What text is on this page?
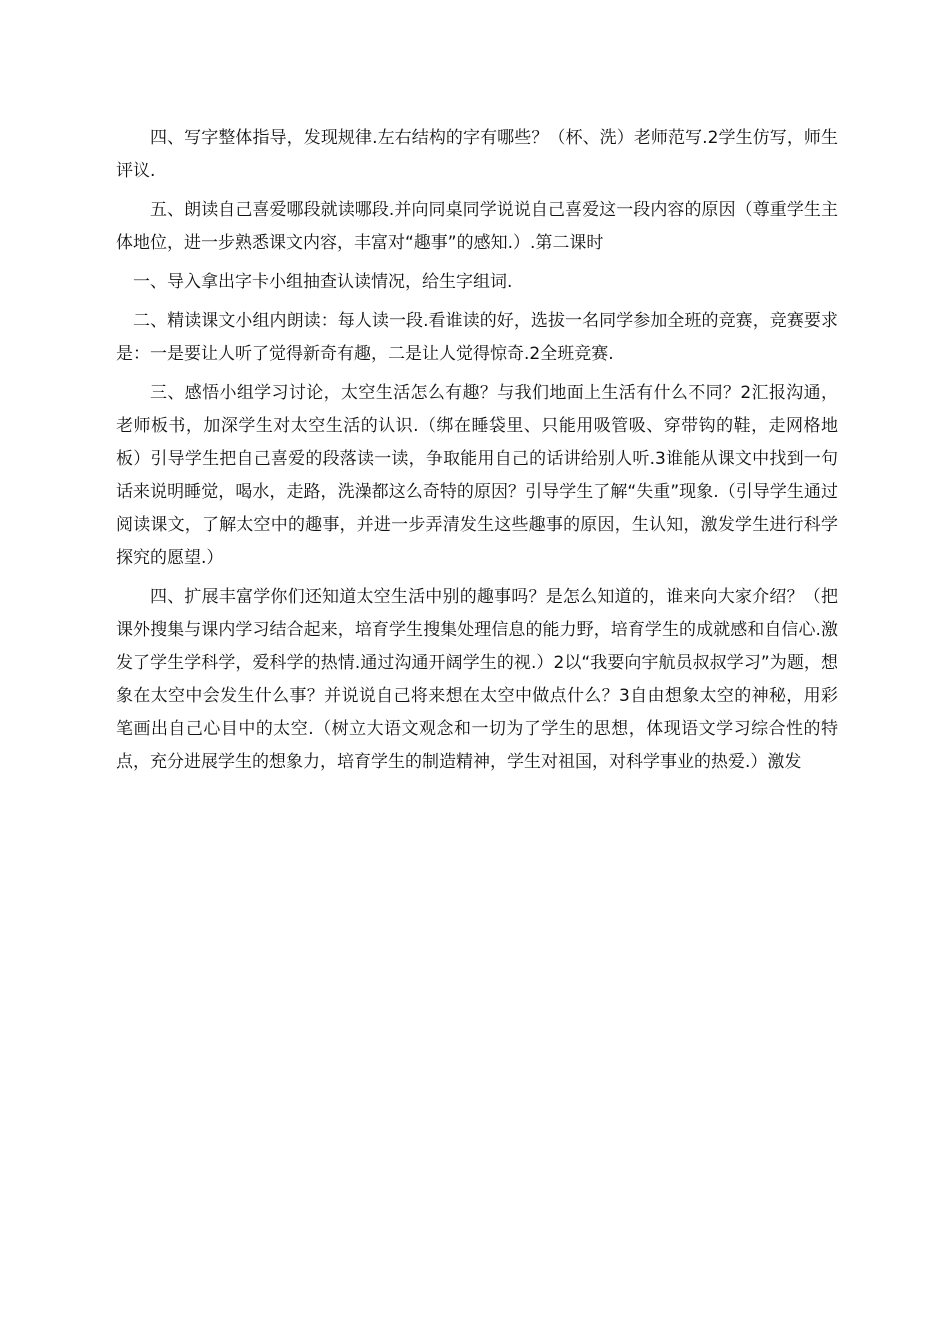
四、写字整体指导，发现规律.左右结构的字有哪些？（杯、洗）老师范写.2学生仿写，师生评议.

五、朗读自己喜爱哪段就读哪段.并向同桌同学说说自己喜爱这一段内容的原因（尊重学生主体地位，进一步熟悉课文内容，丰富对“趣事”的感知.）.第二课时

一、导入拿出字卡小组抽查认读情况，给生字组词.

二、精读课文小组内朗读：每人读一段.看谁读的好，选拔一名同学参加全班的竞赛，竞赛要求是：一是要让人听了觉得新奇有趣，二是让人觉得惊奇.2全班竞赛.

三、感悟小组学习讨论，太空生活怎么有趣？与我们地面上生活有什么不同？2汇报沟通，老师板书，加深学生对太空生活的认识.（绑在睡袋里、只能用吸管吸、穿带钩的鞋，走网格地板）引导学生把自己喜爱的段落读一读，争取能用自己的话讲给别人听.3谁能从课文中找到一句话来说明睡觉，喝水，走路，洗澡都这么奇特的原因？引导学生了解“失重”现象.（引导学生通过阅读课文，了解太空中的趣事，并进一步弄清发生这些趣事的原因，生认知，激发学生进行科学探究的愿望.）

四、扩展丰富学你们还知道太空生活中别的趣事吗？是怎么知道的，谁来向大家介绍？（把课外搜集与课内学习结合起来，培育学生搜集处理信息的能力野，培育学生的成就感和自信心.激发了学生学科学，爱科学的热情.通过沟通开阔学生的视.）2以“我要向宇航员叔叔学习”为题，想象在太空中会发生什么事？并说说自己将来想在太空中做点什么？3自由想象太空的神秘，用彩笔画出自己心目中的太空.（树立大语文观念和一切为了学生的思想，体现语文学习综合性的特点，充分进展学生的想象力，培育学生的制造精神，学生对祖国，对科学事业的热爱.）激发
